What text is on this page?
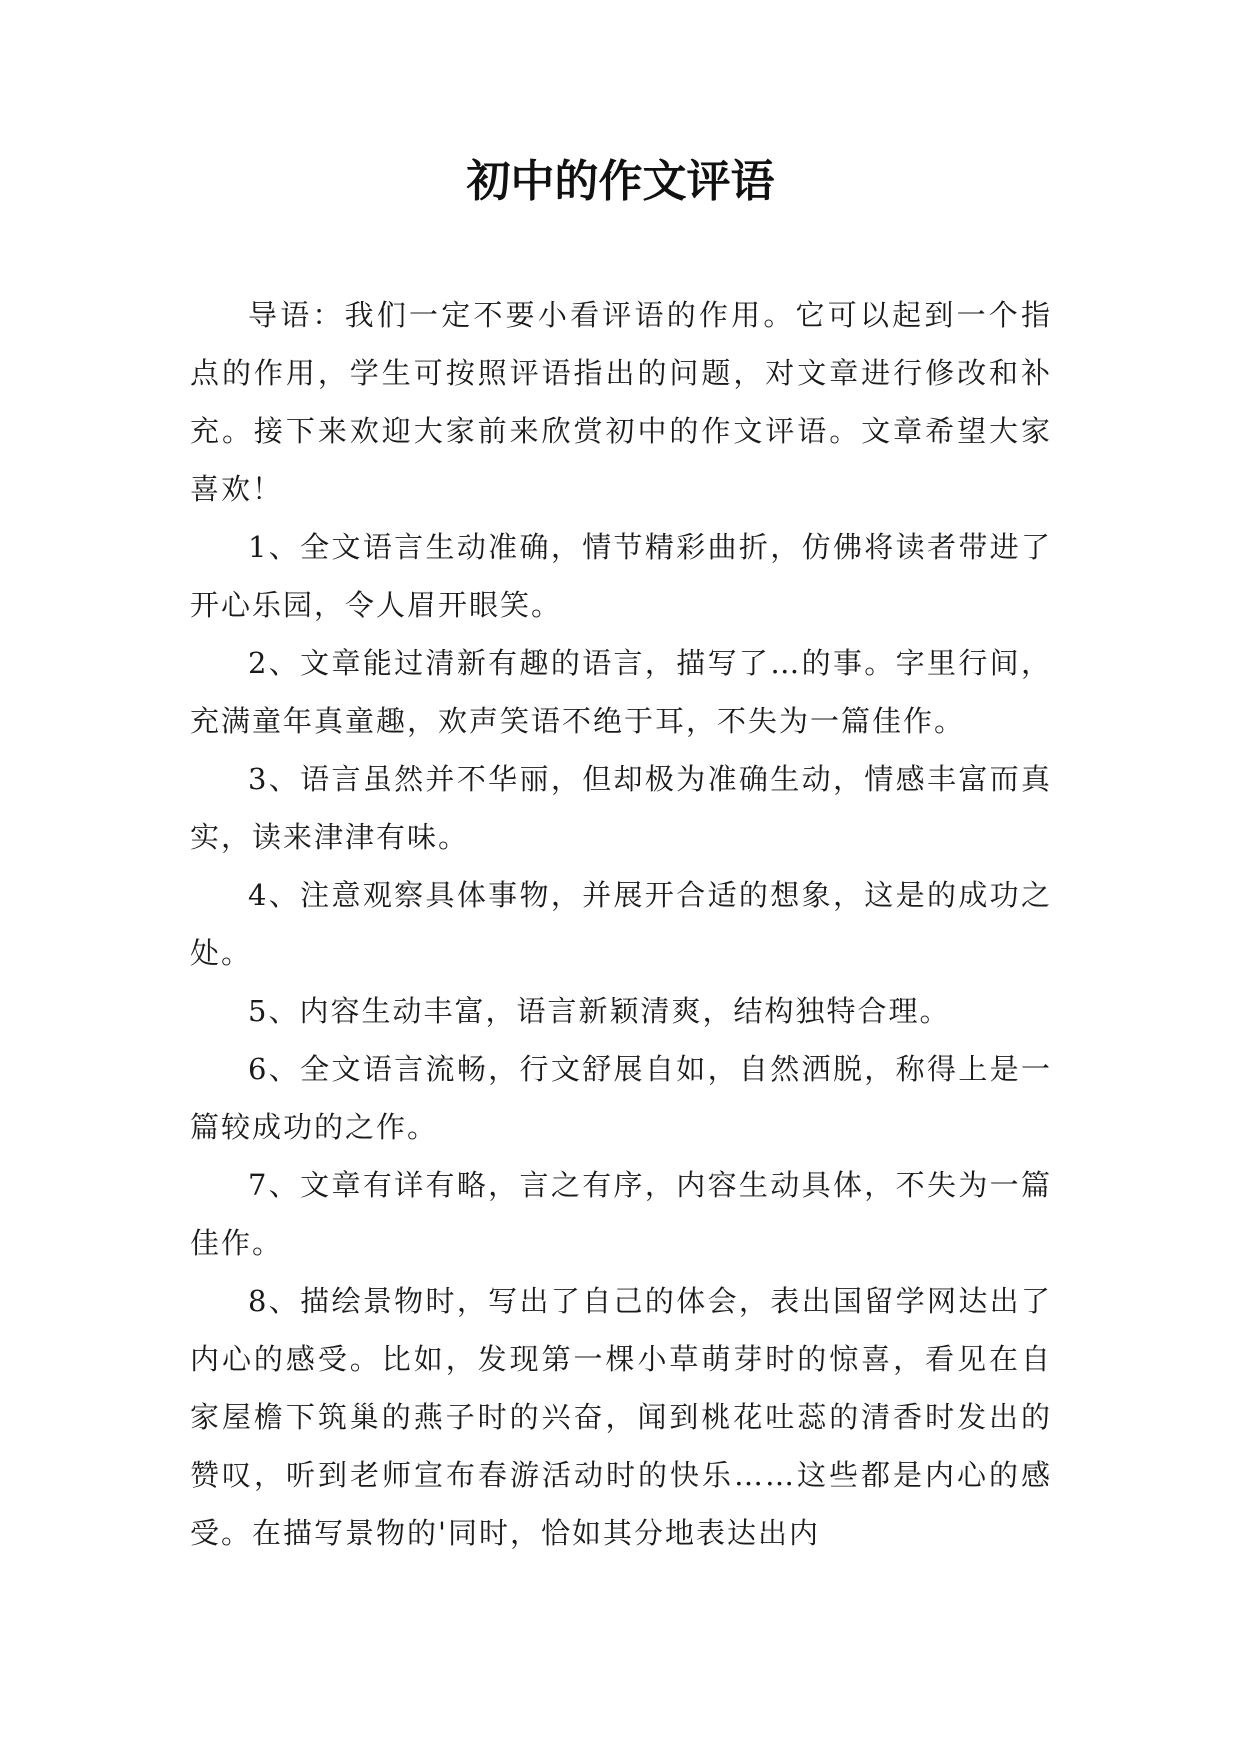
初中的作文评语

导语：我们一定不要小看评语的作用。它可以起到一个指点的作用，学生可按照评语指出的问题，对文章进行修改和补充。接下来欢迎大家前来欣赏初中的作文评语。文章希望大家喜欢！

1、全文语言生动准确，情节精彩曲折，仿佛将读者带进了开心乐园，令人眉开眼笑。

2、文章能过清新有趣的语言，描写了…的事。字里行间，充满童年真童趣，欢声笑语不绝于耳，不失为一篇佳作。

3、语言虽然并不华丽，但却极为准确生动，情感丰富而真实，读来津津有味。

4、注意观察具体事物，并展开合适的想象，这是的成功之处。

5、内容生动丰富，语言新颖清爽，结构独特合理。

6、全文语言流畅，行文舒展自如，自然洒脱，称得上是一篇较成功的之作。

7、文章有详有略，言之有序，内容生动具体，不失为一篇佳作。

8、描绘景物时，写出了自己的体会，表出国留学网达出了内心的感受。比如，发现第一棵小草萌芽时的惊喜，看见在自家屋檐下筑巢的燕子时的兴奋，闻到桃花吐蕊的清香时发出的赞叹，听到老师宣布春游活动时的快乐……这些都是内心的感受。在描写景物的'同时，恰如其分地表达出内
